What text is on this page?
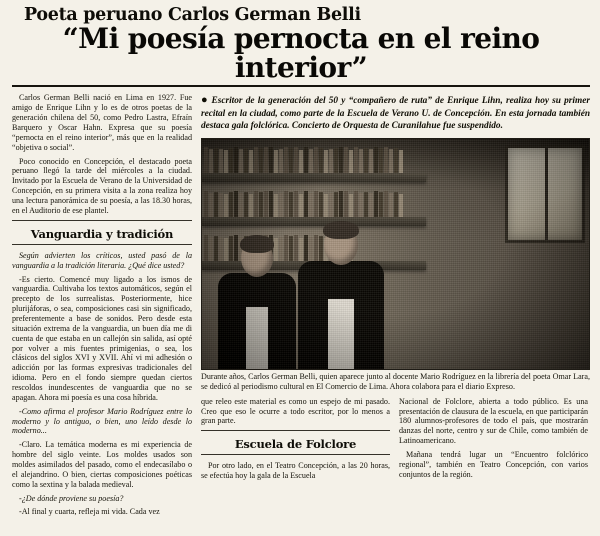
Poeta peruano Carlos German Belli
“Mi poesía pernocta en el reino interior”

Carlos German Belli nació en Lima en 1927. Fue amigo de Enrique Lihn y lo es de otros poetas de la generación chilena del 50, como Pedro Lastra, Efraín Barquero y Oscar Hahn. Expresa que su poesía “pernocta en el reino interior”, más que en la realidad “objetiva o social”.

Poco conocido en Concepción, el destacado poeta peruano llegó la tarde del miércoles a la ciudad. Invitado por la Escuela de Verano de la Universidad de Concepción, en su primera visita a la zona realiza hoy una lectura panorámica de su poesía, a las 18.30 horas, en el Auditorio de ese plantel.

Vanguardia y tradición

Según advierten los críticos, usted pasó de la vanguardia a la tradición literaria. ¿Qué dice usted?

-Es cierto. Comencé muy ligado a los ismos de vanguardia. Cultivaba los textos automáticos, según el precepto de los surrealistas. Posteriormente, hice plurijáforas, o sea, composiciones casi sin significado, preferentemente a base de sonidos. Pero desde esta situación extrema de la vanguardia, un buen día me di cuenta de que estaba en un callejón sin salida, así opté por volver a mis fuentes primigenias, o sea, los clásicos del siglos XVI y XVII. Ahí vi mi adhesión o adicción por las formas expresivas tradicionales del idioma. Pero en el fondo siempre quedan ciertos rescoldos inundescentes de vanguardia que no se apagan. Ahora mi poesía es una cosa híbrida.

-Como afirma el profesor Mario Rodríguez entre lo moderno y lo antiguo, o bien, uno leído desde lo moderno...

-Claro. La temática moderna es mi experiencia de hombre del siglo veinte. Los moldes usados son moldes asimilados del pasado, como el endecasílabo o el alejandrino. O bien, ciertas composiciones poéticas como la sextina y la balada medieval.

-¿De dónde proviene su poesía?

-Al final y cuarta, refleja mi vida. Cada vez

● Escritor de la generación del 50 y “compañero de ruta” de Enrique Lihn, realiza hoy su primer recital en la ciudad, como parte de la Escuela de Verano U. de Concepción. En esta jornada también destaca gala folclórica. Concierto de Orquesta de Curanilahue fue suspendido.

Durante años, Carlos German Belli, quien aparece junto al docente Mario Rodríguez en la librería del poeta Omar Lara, se dedicó al periodismo cultural en El Comercio de Lima. Ahora colabora para el diario Expreso.

que releo este material es como un espejo de mi pasado. Creo que eso le ocurre a todo escritor, por lo menos a gran parte.

Escuela de Folclore

Por otro lado, en el Teatro Concepción, a las 20 horas, se efectúa hoy la gala de la Escuela

Nacional de Folclore, abierta a todo público. Es una presentación de clausura de la escuela, en que participarán 180 alumnos-profesores de todo el país, que mostrarán danzas del norte, centro y sur de Chile, como también de Latinoamericano.

Mañana tendrá lugar un “Encuentro folclórico regional”, también en Teatro Concepción, con varios conjuntos de la región.
